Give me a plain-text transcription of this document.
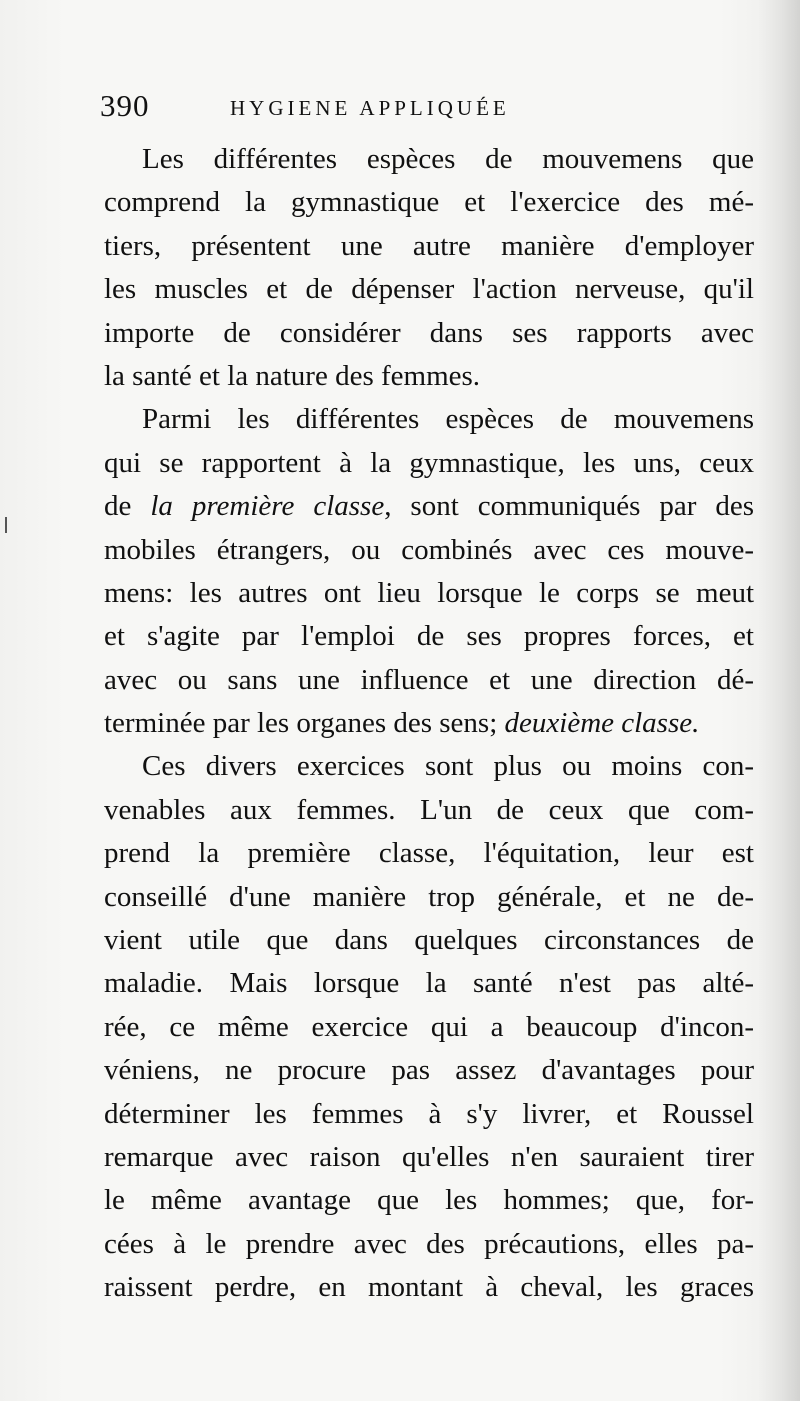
390	HYGIENE APPLIQUÉE
Les différentes espèces de mouvemens que
comprend la gymnastique et l'exercice des mé-
tiers, présentent une autre manière d'employer
les muscles et de dépenser l'action nerveuse, qu'il
importe de considérer dans ses rapports avec
la santé et la nature des femmes.
Parmi les différentes espèces de mouvemens
qui se rapportent à la gymnastique, les uns, ceux
de la première classe, sont communiqués par des
mobiles étrangers, ou combinés avec ces mouve-
mens: les autres ont lieu lorsque le corps se meut
et s'agite par l'emploi de ses propres forces, et
avec ou sans une influence et une direction dé-
terminée par les organes des sens; deuxième classe.
Ces divers exercices sont plus ou moins con-
venables aux femmes. L'un de ceux que com-
prend la première classe, l'équitation, leur est
conseillé d'une manière trop générale, et ne de-
vient utile que dans quelques circonstances de
maladie. Mais lorsque la santé n'est pas alté-
rée, ce même exercice qui a beaucoup d'incon-
véniens, ne procure pas assez d'avantages pour
déterminer les femmes à s'y livrer, et Roussel
remarque avec raison qu'elles n'en sauraient tirer
le même avantage que les hommes; que, for-
cées à le prendre avec des précautions, elles pa-
raissent perdre, en montant à cheval, les graces
